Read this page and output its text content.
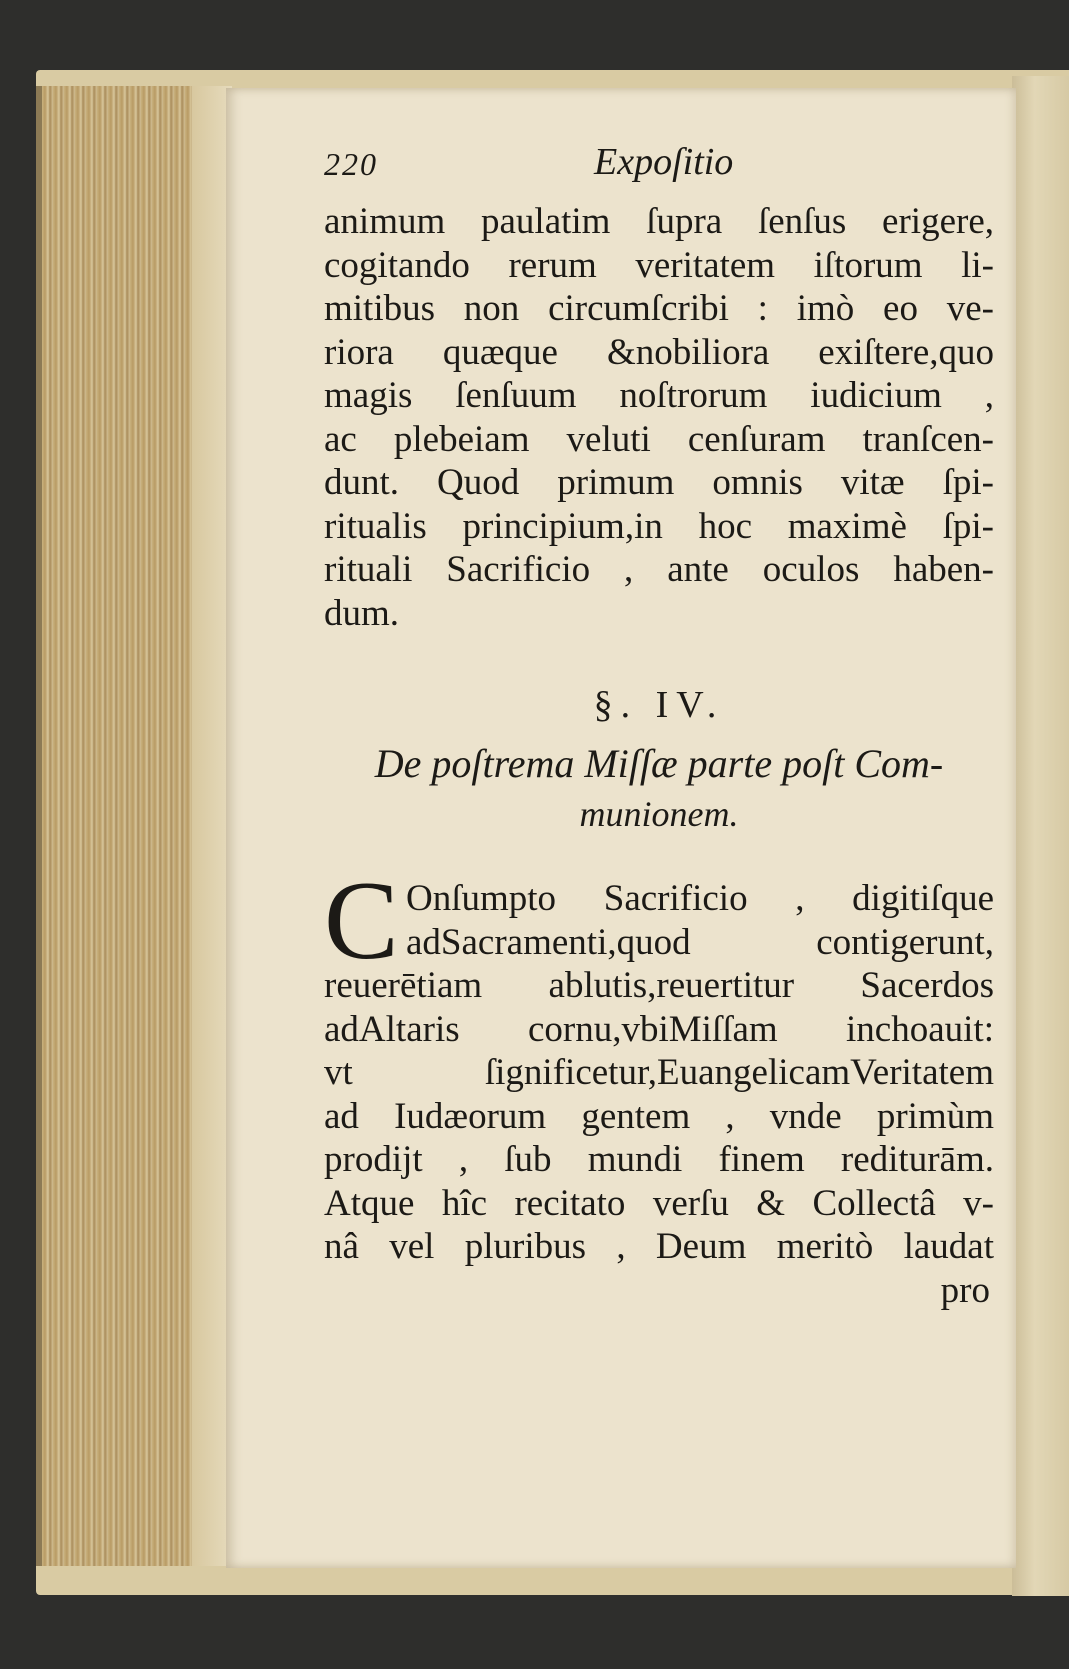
220	Expoſitio
animum paulatim ſupra ſenſus erigere,
cogitando rerum veritatem iſtorum li-
mitibus non circumſcribi : imò eo ve-
riora quæque &nobiliora exiſtere,quo
magis ſenſuum noſtrorum iudicium ,
ac plebeiam veluti cenſuram tranſcen-
dunt. Quod primum omnis vitæ ſpi-
ritualis principium,in hoc maximè ſpi-
rituali Sacrificio , ante oculos haben-
dum.
§. IV.
De poſtrema Miſſæ parte poſt Com-
munionem.
C Onſumpto Sacrificio , digitiſque
adSacramenti,quod contigerunt,
reuerētiam ablutis,reuertitur Sacerdos
adAltaris cornu,vbiMiſſam inchoauit:
vt ſignificetur,EuangelicamVeritatem
ad Iudæorum gentem , vnde primùm
prodijt , ſub mundi finem rediturām.
Atque hîc recitato verſu & Collectâ v-
nâ vel pluribus , Deum meritò laudat
pro
